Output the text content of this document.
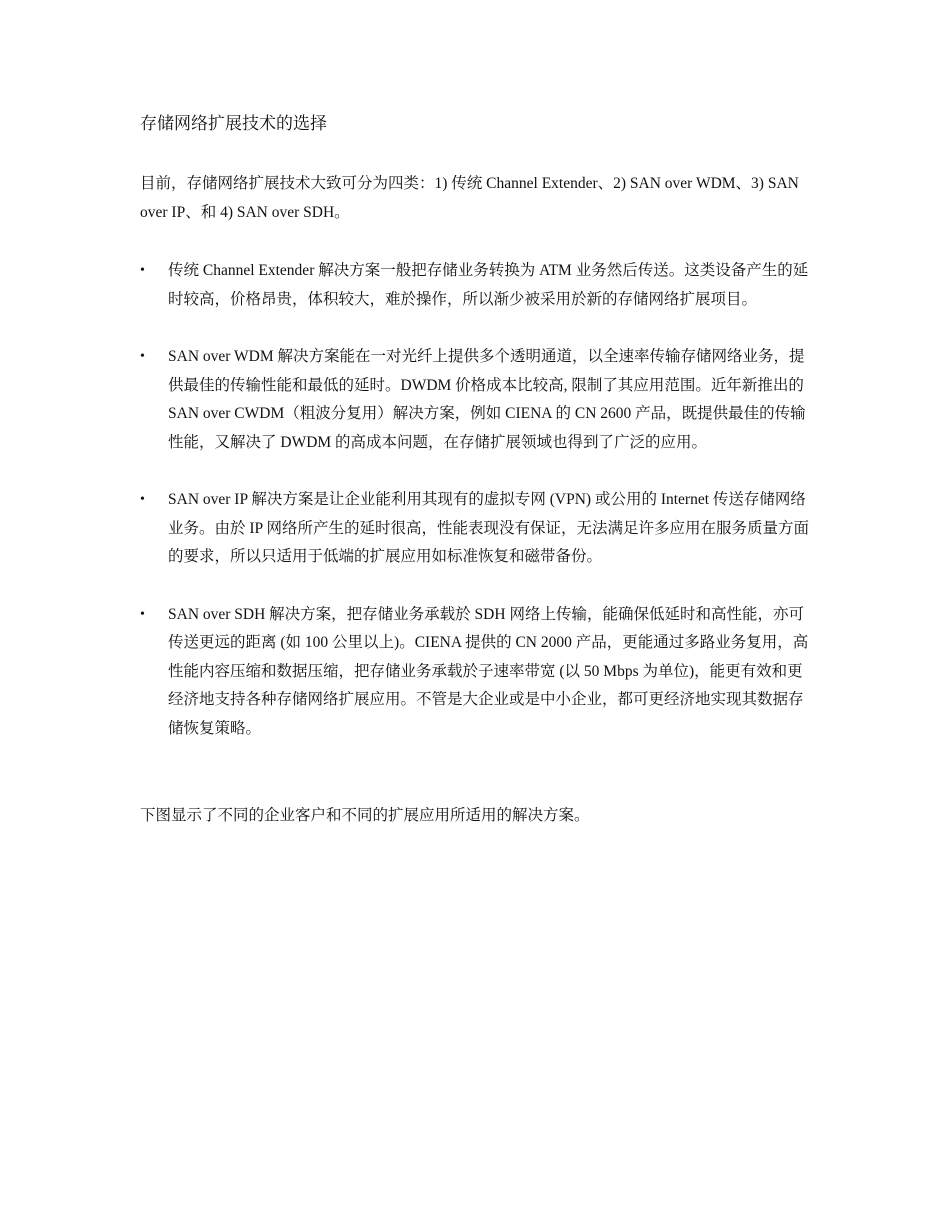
存储网络扩展技术的选择

目前，存储网络扩展技术大致可分为四类：1) 传统 Channel Extender、2) SAN over WDM、3) SAN over IP、和 4) SAN over SDH。

• 传统 Channel Extender 解决方案一般把存储业务转换为 ATM 业务然后传送。这类设备产生的延时较高，价格昂贵，体积较大，难於操作，所以渐少被采用於新的存储网络扩展项目。
• SAN over WDM 解决方案能在一对光纤上提供多个透明通道，以全速率传输存储网络业务，提供最佳的传输性能和最低的延时。DWDM 价格成本比较高, 限制了其应用范围。近年新推出的 SAN over CWDM（粗波分复用）解决方案，例如 CIENA 的 CN 2600 产品，既提供最佳的传输性能，又解决了 DWDM 的高成本问题，在存储扩展领域也得到了广泛的应用。
• SAN over IP 解决方案是让企业能利用其现有的虚拟专网 (VPN) 或公用的 Internet 传送存储网络业务。由於 IP 网络所产生的延时很高，性能表现没有保证，无法满足许多应用在服务质量方面的要求，所以只适用于低端的扩展应用如标准恢复和磁带备份。
• SAN over SDH 解决方案，把存储业务承载於 SDH 网络上传输，能确保低延时和高性能，亦可传送更远的距离 (如 100 公里以上)。CIENA 提供的 CN 2000 产品，更能通过多路业务复用，高性能内容压缩和数据压缩，把存储业务承载於子速率带宽 (以 50 Mbps 为单位)，能更有效和更经济地支持各种存储网络扩展应用。不管是大企业或是中小企业，都可更经济地实现其数据存储恢复策略。

下图显示了不同的企业客户和不同的扩展应用所适用的解决方案。
